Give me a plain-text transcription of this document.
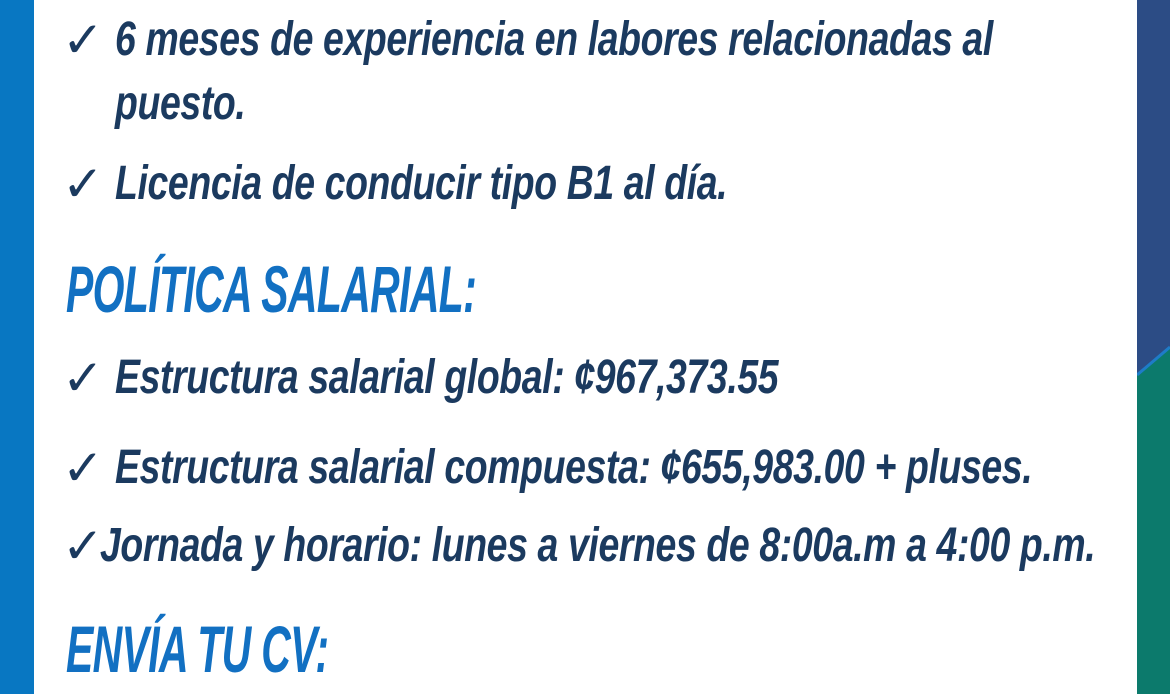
✓ 6 meses de experiencia en labores relacionadas al puesto.
✓ Licencia de conducir tipo B1 al día.
POLÍTICA SALARIAL:
✓ Estructura salarial global: ¢967,373.55
✓ Estructura salarial compuesta: ¢655,983.00 + pluses.
✓
Jornada y horario: lunes a viernes de 8:00a.m a 4:00 p.m.
ENVÍA TU CV:
